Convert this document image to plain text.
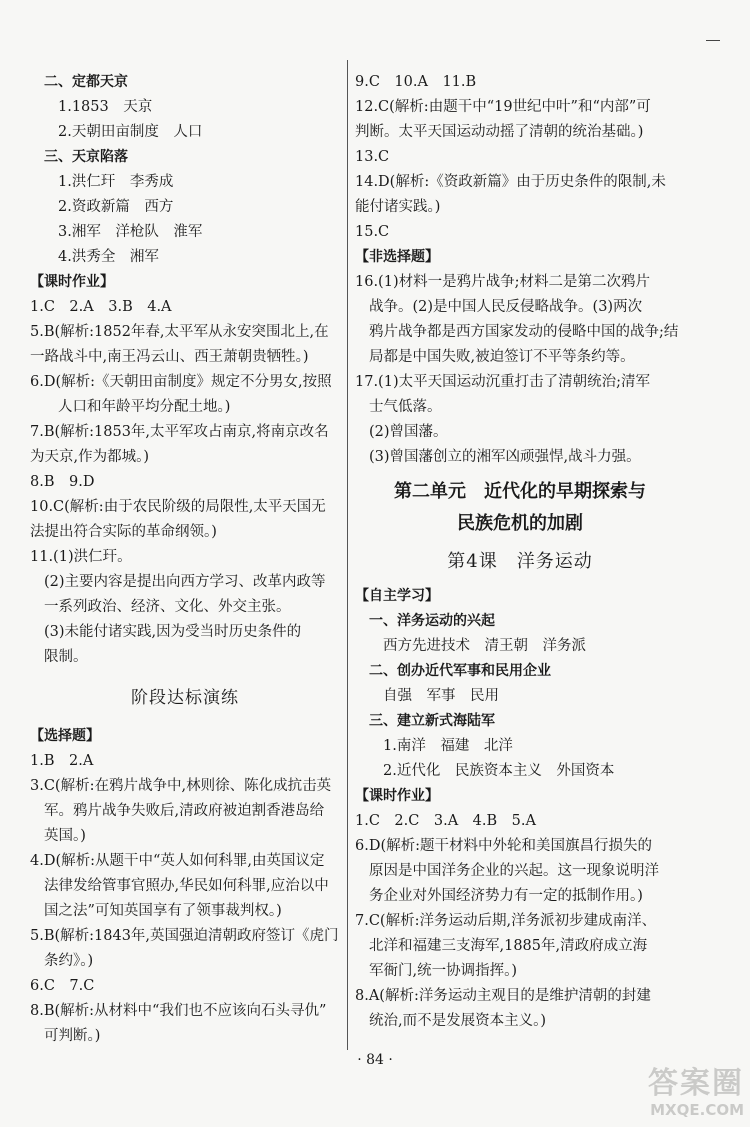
二、定都天京
1.1853　天京
2.天朝田亩制度　人口
三、天京陷落
1.洪仁玕　李秀成
2.资政新篇　西方
3.湘军　洋枪队　淮军
4.洪秀全　湘军
【课时作业】
1.C　2.A　3.B　4.A
5.B(解析:1852年春,太平军从永安突围北上,在
一路战斗中,南王冯云山、西王萧朝贵牺牲。)
6.D(解析:《天朝田亩制度》规定不分男女,按照
人口和年龄平均分配土地。)
7.B(解析:1853年,太平军攻占南京,将南京改名
为天京,作为都城。)
8.B　9.D
10.C(解析:由于农民阶级的局限性,太平天国无
法提出符合实际的革命纲领。)
11.(1)洪仁玕。
(2)主要内容是提出向西方学习、改革内政等
一系列政治、经济、文化、外交主张。
(3)未能付诸实践,因为受当时历史条件的
限制。
阶段达标演练
【选择题】
1.B　2.A
3.C(解析:在鸦片战争中,林则徐、陈化成抗击英
军。鸦片战争失败后,清政府被迫割香港岛给
英国。)
4.D(解析:从题干中“英人如何科罪,由英国议定
法律发给管事官照办,华民如何科罪,应治以中
国之法”可知英国享有了领事裁判权。)
5.B(解析:1843年,英国强迫清朝政府签订《虎门
条约》。)
6.C　7.C
8.B(解析:从材料中“我们也不应该向石头寻仇”
可判断。)
9.C　10.A　11.B
12.C(解析:由题干中“19世纪中叶”和“内部”可
判断。太平天国运动动摇了清朝的统治基础。)
13.C
14.D(解析:《资政新篇》由于历史条件的限制,未
能付诸实践。)
15.C
【非选择题】
16.(1)材料一是鸦片战争;材料二是第二次鸦片
战争。(2)是中国人民反侵略战争。(3)两次
鸦片战争都是西方国家发动的侵略中国的战争;结
局都是中国失败,被迫签订不平等条约等。
17.(1)太平天国运动沉重打击了清朝统治;清军
士气低落。
(2)曾国藩。
(3)曾国藩创立的湘军凶顽强悍,战斗力强。
第二单元　近代化的早期探索与
民族危机的加剧
第4课　洋务运动
【自主学习】
一、洋务运动的兴起
西方先进技术　清王朝　洋务派
二、创办近代军事和民用企业
自强　军事　民用
三、建立新式海陆军
1.南洋　福建　北洋
2.近代化　民族资本主义　外国资本
【课时作业】
1.C　2.C　3.A　4.B　5.A
6.D(解析:题干材料中外轮和美国旗昌行损失的
原因是中国洋务企业的兴起。这一现象说明洋
务企业对外国经济势力有一定的抵制作用。)
7.C(解析:洋务运动后期,洋务派初步建成南洋、
北洋和福建三支海军,1885年,清政府成立海
军衙门,统一协调指挥。)
8.A(解析:洋务运动主观目的是维护清朝的封建
统治,而不是发展资本主义。)
· 84 ·
答案圈
MXQE.COM
